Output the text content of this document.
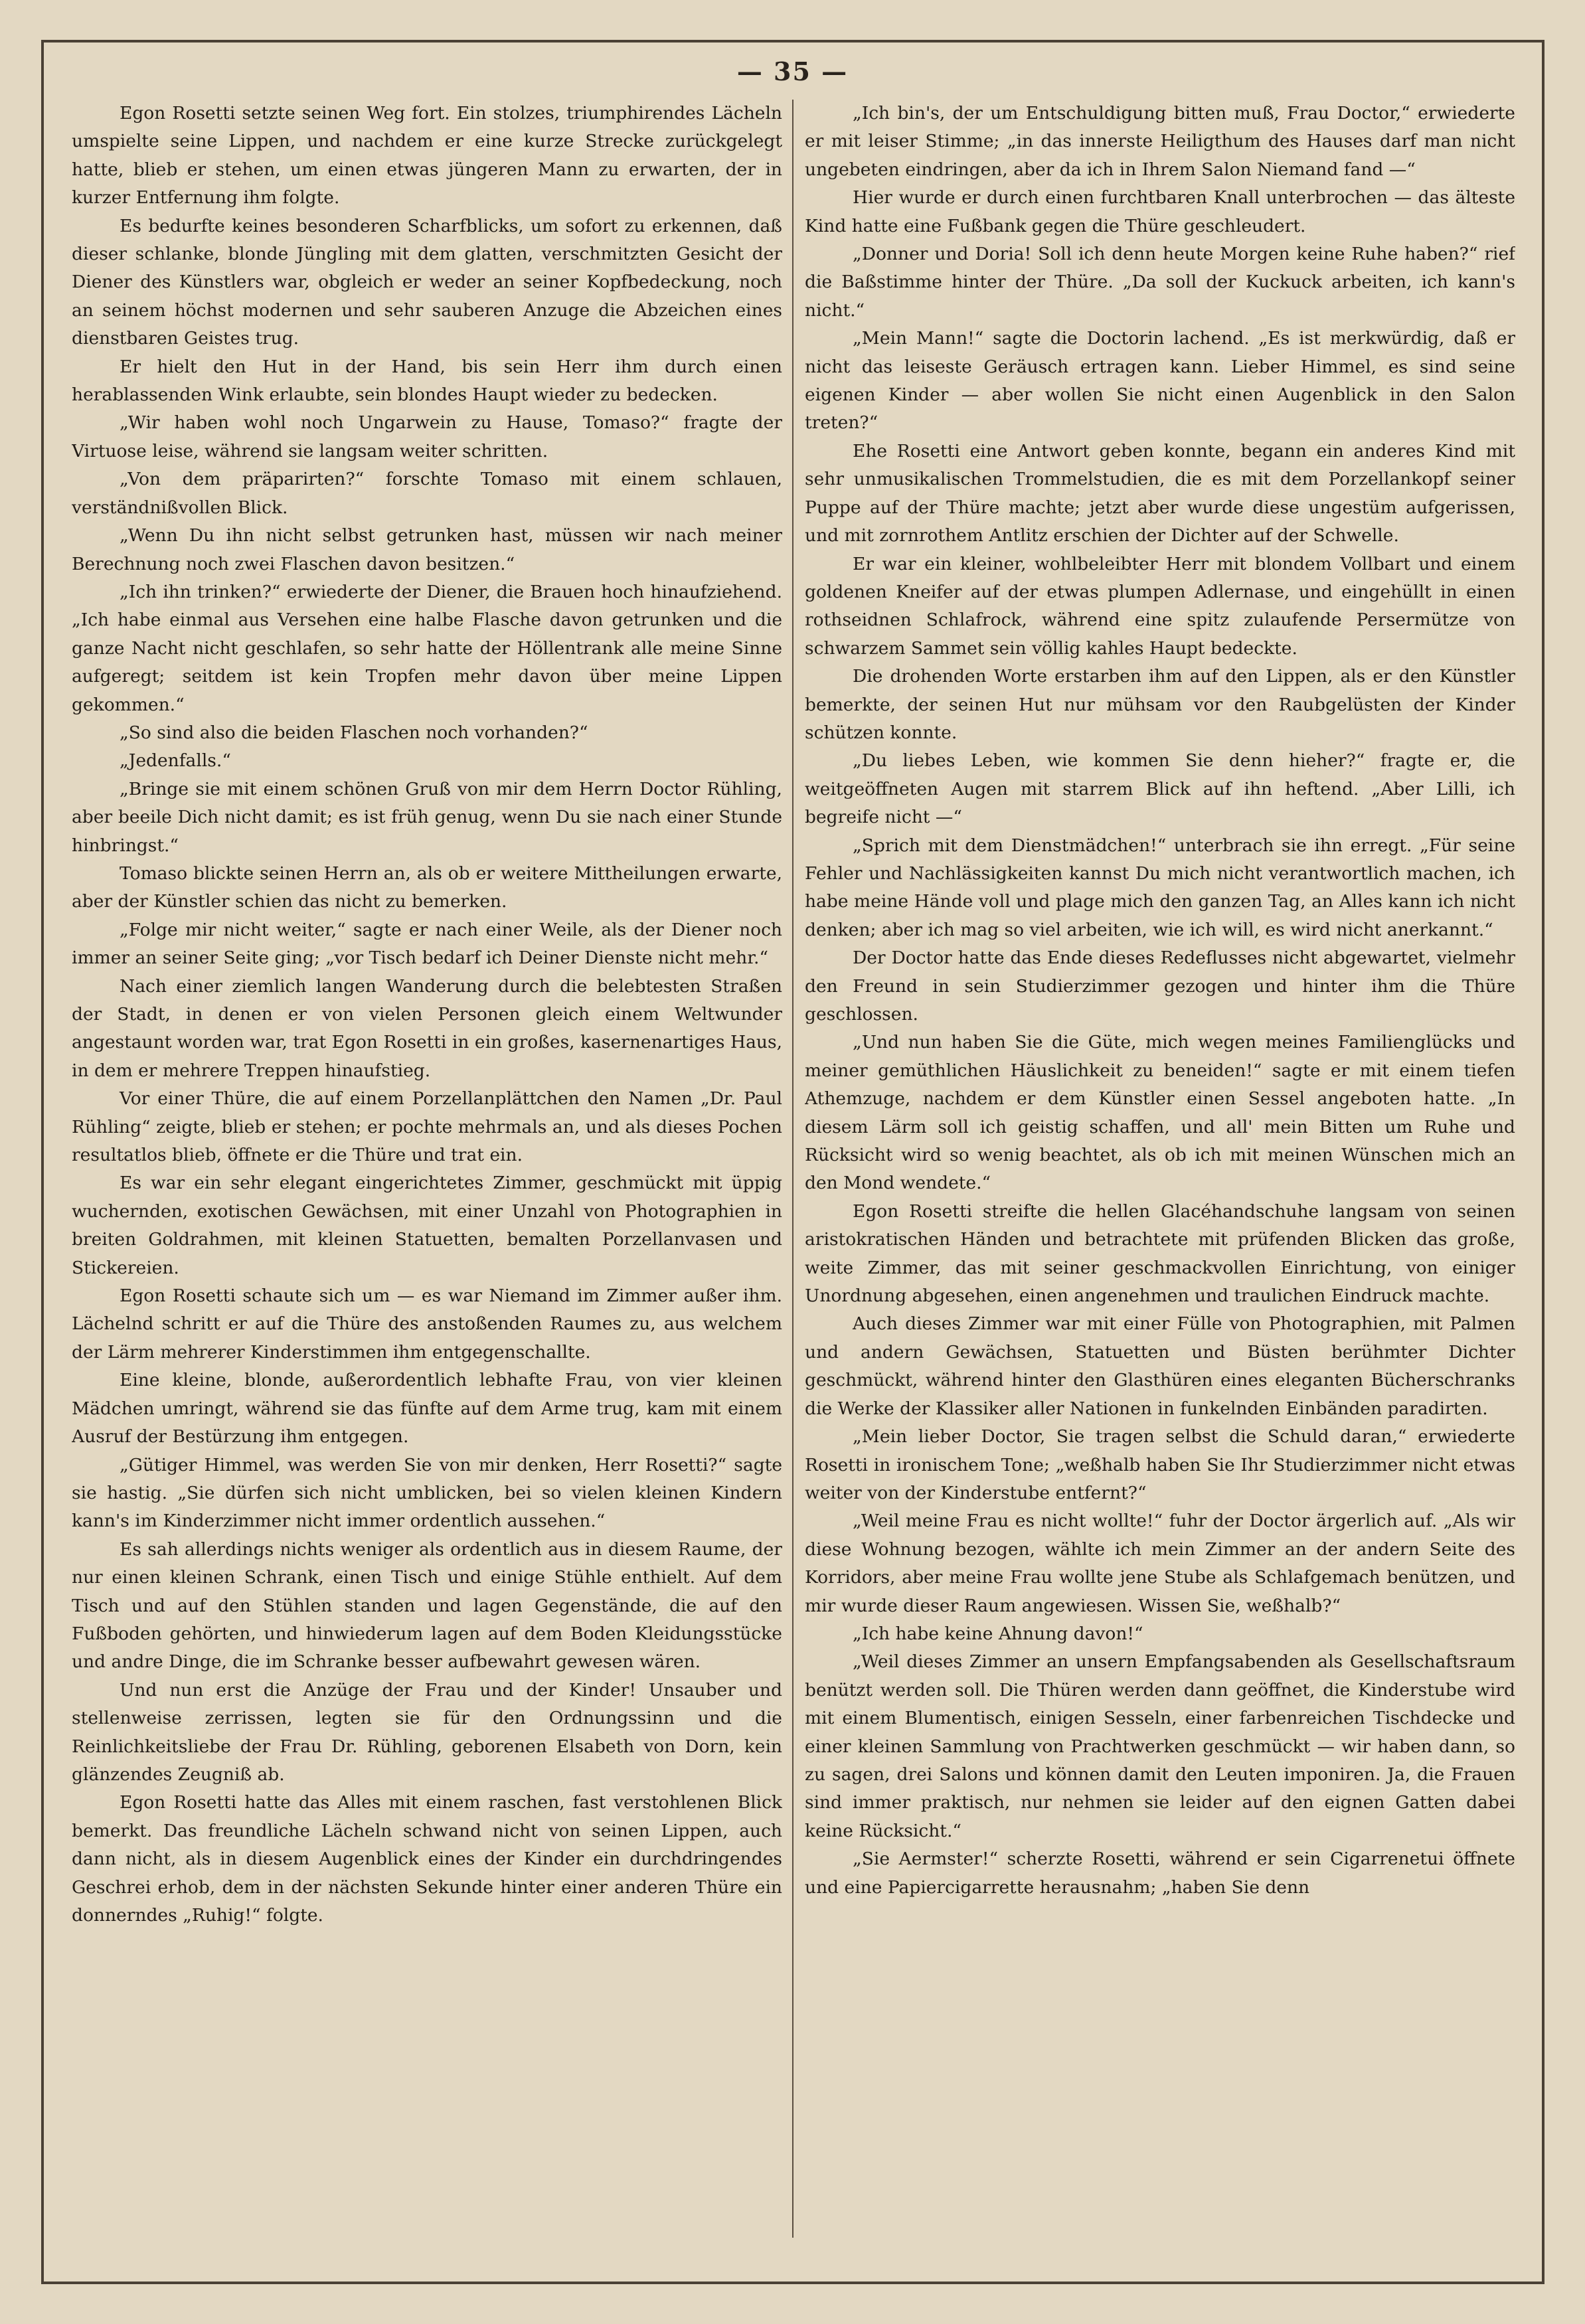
— 35 —

Egon Rosetti setzte seinen Weg fort. Ein stolzes, triumphirendes Lächeln umspielte seine Lippen, und nachdem er eine kurze Strecke zurückgelegt hatte, blieb er stehen, um einen etwas jüngeren Mann zu erwarten, der in kurzer Entfernung ihm folgte.

Es bedurfte keines besonderen Scharfblicks, um sofort zu erkennen, daß dieser schlanke, blonde Jüngling mit dem glatten, verschmitzten Gesicht der Diener des Künstlers war, obgleich er weder an seiner Kopfbedeckung, noch an seinem höchst modernen und sehr sauberen Anzuge die Abzeichen eines dienstbaren Geistes trug.

Er hielt den Hut in der Hand, bis sein Herr ihm durch einen herablassenden Wink erlaubte, sein blondes Haupt wieder zu bedecken.

„Wir haben wohl noch Ungarwein zu Hause, Tomaso?“ fragte der Virtuose leise, während sie langsam weiter schritten.

„Von dem präparirten?“ forschte Tomaso mit einem schlauen, verständnißvollen Blick.

„Wenn Du ihn nicht selbst getrunken hast, müssen wir nach meiner Berechnung noch zwei Flaschen davon besitzen.“

„Ich ihn trinken?“ erwiederte der Diener, die Brauen hoch hinaufziehend. „Ich habe einmal aus Versehen eine halbe Flasche davon getrunken und die ganze Nacht nicht geschlafen, so sehr hatte der Höllentrank alle meine Sinne aufgeregt; seitdem ist kein Tropfen mehr davon über meine Lippen gekommen.“

„So sind also die beiden Flaschen noch vorhanden?“

„Jedenfalls.“

„Bringe sie mit einem schönen Gruß von mir dem Herrn Doctor Rühling, aber beeile Dich nicht damit; es ist früh genug, wenn Du sie nach einer Stunde hinbringst.“

Tomaso blickte seinen Herrn an, als ob er weitere Mittheilungen erwarte, aber der Künstler schien das nicht zu bemerken.

„Folge mir nicht weiter,“ sagte er nach einer Weile, als der Diener noch immer an seiner Seite ging; „vor Tisch bedarf ich Deiner Dienste nicht mehr.“

Nach einer ziemlich langen Wanderung durch die belebtesten Straßen der Stadt, in denen er von vielen Personen gleich einem Weltwunder angestaunt worden war, trat Egon Rosetti in ein großes, kasernenartiges Haus, in dem er mehrere Treppen hinaufstieg.

Vor einer Thüre, die auf einem Porzellanplättchen den Namen „Dr. Paul Rühling“ zeigte, blieb er stehen; er pochte mehrmals an, und als dieses Pochen resultatlos blieb, öffnete er die Thüre und trat ein.

Es war ein sehr elegant eingerichtetes Zimmer, geschmückt mit üppig wuchernden, exotischen Gewächsen, mit einer Unzahl von Photographien in breiten Goldrahmen, mit kleinen Statuetten, bemalten Porzellanvasen und Stickereien.

Egon Rosetti schaute sich um — es war Niemand im Zimmer außer ihm. Lächelnd schritt er auf die Thüre des anstoßenden Raumes zu, aus welchem der Lärm mehrerer Kinderstimmen ihm entgegenschallte.

Eine kleine, blonde, außerordentlich lebhafte Frau, von vier kleinen Mädchen umringt, während sie das fünfte auf dem Arme trug, kam mit einem Ausruf der Bestürzung ihm entgegen.

„Gütiger Himmel, was werden Sie von mir denken, Herr Rosetti?“ sagte sie hastig. „Sie dürfen sich nicht umblicken, bei so vielen kleinen Kindern kann's im Kinderzimmer nicht immer ordentlich aussehen.“

Es sah allerdings nichts weniger als ordentlich aus in diesem Raume, der nur einen kleinen Schrank, einen Tisch und einige Stühle enthielt. Auf dem Tisch und auf den Stühlen standen und lagen Gegenstände, die auf den Fußboden gehörten, und hinwiederum lagen auf dem Boden Kleidungsstücke und andre Dinge, die im Schranke besser aufbewahrt gewesen wären.

Und nun erst die Anzüge der Frau und der Kinder! Unsauber und stellenweise zerrissen, legten sie für den Ordnungssinn und die Reinlichkeitsliebe der Frau Dr. Rühling, geborenen Elsabeth von Dorn, kein glänzendes Zeugniß ab.

Egon Rosetti hatte das Alles mit einem raschen, fast verstohlenen Blick bemerkt. Das freundliche Lächeln schwand nicht von seinen Lippen, auch dann nicht, als in diesem Augenblick eines der Kinder ein durchdringendes Geschrei erhob, dem in der nächsten Sekunde hinter einer anderen Thüre ein donnerndes „Ruhig!“ folgte.

„Ich bin's, der um Entschuldigung bitten muß, Frau Doctor,“ erwiederte er mit leiser Stimme; „in das innerste Heiligthum des Hauses darf man nicht ungebeten eindringen, aber da ich in Ihrem Salon Niemand fand —“

Hier wurde er durch einen furchtbaren Knall unterbrochen — das älteste Kind hatte eine Fußbank gegen die Thüre geschleudert.

„Donner und Doria! Soll ich denn heute Morgen keine Ruhe haben?“ rief die Baßstimme hinter der Thüre. „Da soll der Kuckuck arbeiten, ich kann's nicht.“

„Mein Mann!“ sagte die Doctorin lachend. „Es ist merkwürdig, daß er nicht das leiseste Geräusch ertragen kann. Lieber Himmel, es sind seine eigenen Kinder — aber wollen Sie nicht einen Augenblick in den Salon treten?“

Ehe Rosetti eine Antwort geben konnte, begann ein anderes Kind mit sehr unmusikalischen Trommelstudien, die es mit dem Porzellankopf seiner Puppe auf der Thüre machte; jetzt aber wurde diese ungestüm aufgerissen, und mit zornrothem Antlitz erschien der Dichter auf der Schwelle.

Er war ein kleiner, wohlbeleibter Herr mit blondem Vollbart und einem goldenen Kneifer auf der etwas plumpen Adlernase, und eingehüllt in einen rothseidnen Schlafrock, während eine spitz zulaufende Persermütze von schwarzem Sammet sein völlig kahles Haupt bedeckte.

Die drohenden Worte erstarben ihm auf den Lippen, als er den Künstler bemerkte, der seinen Hut nur mühsam vor den Raubgelüsten der Kinder schützen konnte.

„Du liebes Leben, wie kommen Sie denn hieher?“ fragte er, die weitgeöffneten Augen mit starrem Blick auf ihn heftend. „Aber Lilli, ich begreife nicht —“

„Sprich mit dem Dienstmädchen!“ unterbrach sie ihn erregt. „Für seine Fehler und Nachlässigkeiten kannst Du mich nicht verantwortlich machen, ich habe meine Hände voll und plage mich den ganzen Tag, an Alles kann ich nicht denken; aber ich mag so viel arbeiten, wie ich will, es wird nicht anerkannt.“

Der Doctor hatte das Ende dieses Redeflusses nicht abgewartet, vielmehr den Freund in sein Studierzimmer gezogen und hinter ihm die Thüre geschlossen.

„Und nun haben Sie die Güte, mich wegen meines Familienglücks und meiner gemüthlichen Häuslichkeit zu beneiden!“ sagte er mit einem tiefen Athemzuge, nachdem er dem Künstler einen Sessel angeboten hatte. „In diesem Lärm soll ich geistig schaffen, und all' mein Bitten um Ruhe und Rücksicht wird so wenig beachtet, als ob ich mit meinen Wünschen mich an den Mond wendete.“

Egon Rosetti streifte die hellen Glacéhandschuhe langsam von seinen aristokratischen Händen und betrachtete mit prüfenden Blicken das große, weite Zimmer, das mit seiner geschmackvollen Einrichtung, von einiger Unordnung abgesehen, einen angenehmen und traulichen Eindruck machte.

Auch dieses Zimmer war mit einer Fülle von Photographien, mit Palmen und andern Gewächsen, Statuetten und Büsten berühmter Dichter geschmückt, während hinter den Glasthüren eines eleganten Bücherschranks die Werke der Klassiker aller Nationen in funkelnden Einbänden paradirten.

„Mein lieber Doctor, Sie tragen selbst die Schuld daran,“ erwiederte Rosetti in ironischem Tone; „weßhalb haben Sie Ihr Studierzimmer nicht etwas weiter von der Kinderstube entfernt?“

„Weil meine Frau es nicht wollte!“ fuhr der Doctor ärgerlich auf. „Als wir diese Wohnung bezogen, wählte ich mein Zimmer an der andern Seite des Korridors, aber meine Frau wollte jene Stube als Schlafgemach benützen, und mir wurde dieser Raum angewiesen. Wissen Sie, weßhalb?“

„Ich habe keine Ahnung davon!“

„Weil dieses Zimmer an unsern Empfangsabenden als Gesellschaftsraum benützt werden soll. Die Thüren werden dann geöffnet, die Kinderstube wird mit einem Blumentisch, einigen Sesseln, einer farbenreichen Tischdecke und einer kleinen Sammlung von Prachtwerken geschmückt — wir haben dann, so zu sagen, drei Salons und können damit den Leuten imponiren. Ja, die Frauen sind immer praktisch, nur nehmen sie leider auf den eignen Gatten dabei keine Rücksicht.“

„Sie Aermster!“ scherzte Rosetti, während er sein Cigarrenetui öffnete und eine Papiercigarrette herausnahm; „haben Sie denn
